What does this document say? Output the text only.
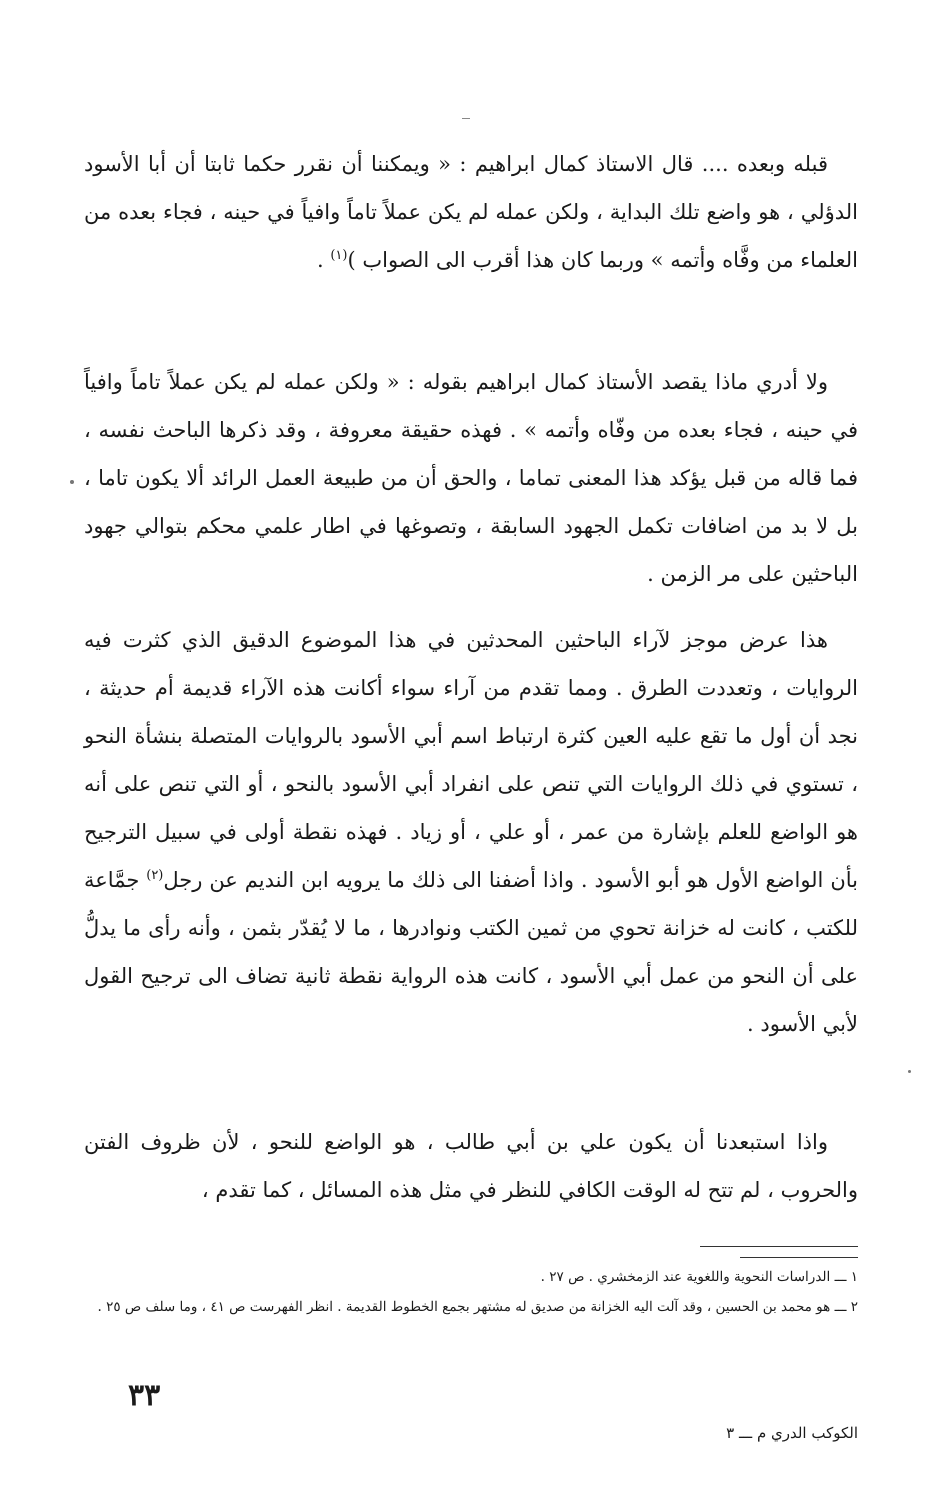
قبله وبعده .... قال الاستاذ كمال ابراهيم : « ويمكننا أن نقرر حكما ثابتا أن أبا الأسود الدؤلي ، هو واضع تلك البداية ، ولكن عمله لم يكن عملاً تاماً وافياً في حينه ، فجاء بعده من العلماء من وفَّاه وأتمه » وربما كان هذا أقرب الى الصواب )$^{(١)}$ .

ولا أدري ماذا يقصد الأستاذ كمال ابراهيم بقوله : « ولكن عمله لم يكن عملاً تاماً وافياً في حينه ، فجاء بعده من وفّاه وأتمه » . فهذه حقيقة معروفة ، وقد ذكرها الباحث نفسه ، فما قاله من قبل يؤكد هذا المعنى تماما ، والحق أن من طبيعة العمل الرائد ألا يكون تاما ، بل لا بد من اضافات تكمل الجهود السابقة ، وتصوغها في اطار علمي محكم بتوالي جهود الباحثين على مر الزمن .

هذا عرض موجز لآراء الباحثين المحدثين في هذا الموضوع الدقيق الذي كثرت فيه الروايات ، وتعددت الطرق . ومما تقدم من آراء سواء أكانت هذه الآراء قديمة أم حديثة ، نجد أن أول ما تقع عليه العين كثرة ارتباط اسم أبي الأسود بالروايات المتصلة بنشأة النحو ، تستوي في ذلك الروايات التي تنص على انفراد أبي الأسود بالنحو ، أو التي تنص على أنه هو الواضع للعلم بإشارة من عمر ، أو علي ، أو زياد . فهذه نقطة أولى في سبيل الترجيح بأن الواضع الأول هو أبو الأسود . واذا أضفنا الى ذلك ما يرويه ابن النديم عن رجل$^{(٢)}$ جمَّاعة للكتب ، كانت له خزانة تحوي من ثمين الكتب ونوادرها ، ما لا يُقدّر بثمن ، وأنه رأى ما يدلُّ على أن النحو من عمل أبي الأسود ، كانت هذه الرواية نقطة ثانية تضاف الى ترجيح القول لأبي الأسود .

واذا استبعدنا أن يكون علي بن أبي طالب ، هو الواضع للنحو ، لأن ظروف الفتن والحروب ، لم تتح له الوقت الكافي للنظر في مثل هذه المسائل ، كما تقدم ،

١ ـــ الدراسات النحوية واللغوية عند الزمخشري . ص ٢٧ .

٢ ـــ هو محمد بن الحسين ، وقد آلت اليه الخزانة من صديق له مشتهر بجمع الخطوط القديمة . انظر الفهرست ص ٤١ ، وما سلف ص ٢٥ .

٣٣
الكوكب الدري م ـــ ٣
